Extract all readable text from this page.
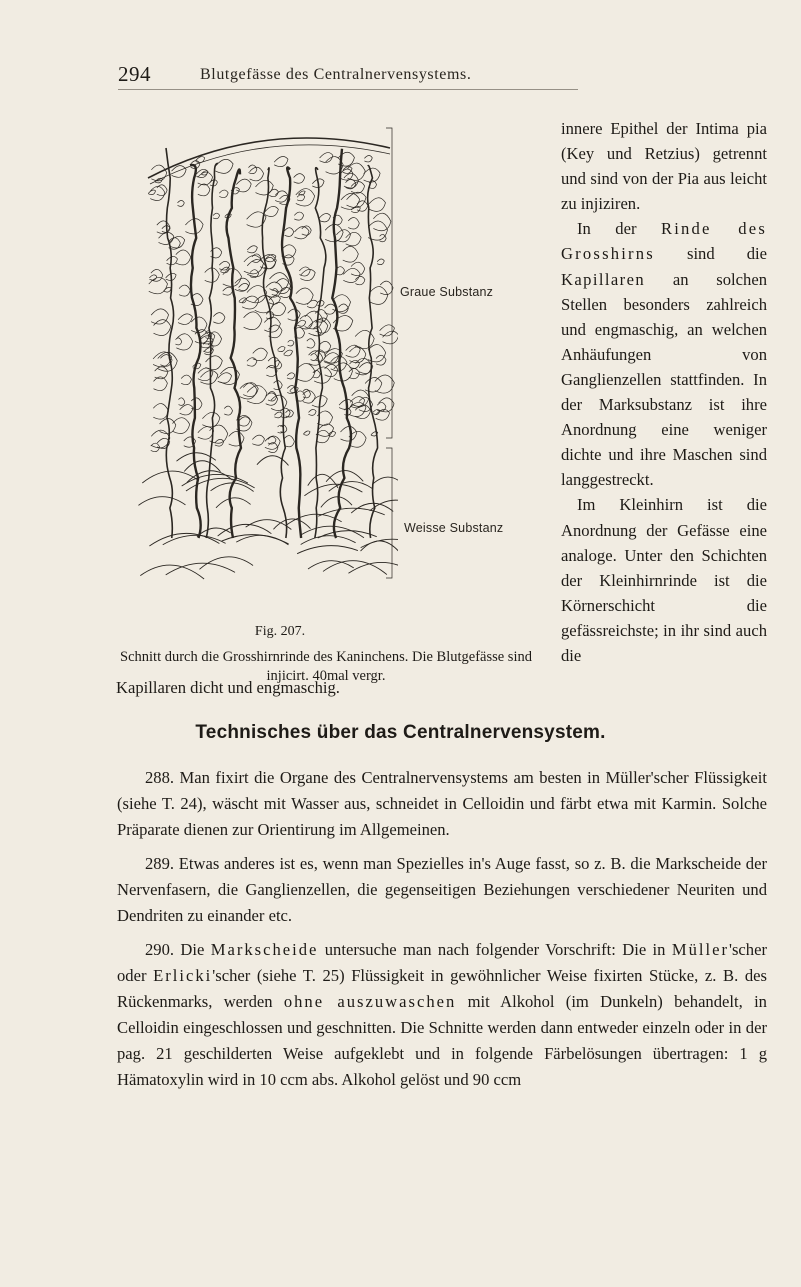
294	Blutgefässe des Centralnervensystems.
Graue Substanz
Weisse Substanz
Fig. 207.
Schnitt durch die Grosshirnrinde des Kaninchens. Die Blutgefässe sind injicirt. 40mal vergr.

innere Epithel der Intima pia (Key und Retzius) getrennt und sind von der Pia aus leicht zu injiziren.

In der Rinde des Grosshirns sind die Kapillaren an solchen Stellen besonders zahlreich und engmaschig, an welchen Anhäufungen von Ganglienzellen stattfinden. In der Marksubstanz ist ihre Anordnung eine weniger dichte und ihre Maschen sind langgestreckt.

Im Kleinhirn ist die Anordnung der Gefässe eine analoge. Unter den Schichten der Kleinhirnrinde ist die Körnerschicht die gefässreichste; in ihr sind auch die

Kapillaren dicht und engmaschig.
Technisches über das Centralnervensystem.

288. Man fixirt die Organe des Centralnervensystems am besten in Müller'scher Flüssigkeit (siehe T. 24), wäscht mit Wasser aus, schneidet in Celloidin und färbt etwa mit Karmin. Solche Präparate dienen zur Orientirung im Allgemeinen.

289. Etwas anderes ist es, wenn man Spezielles in's Auge fasst, so z. B. die Markscheide der Nervenfasern, die Ganglienzellen, die gegenseitigen Beziehungen verschiedener Neuriten und Dendriten zu einander etc.

290. Die Markscheide untersuche man nach folgender Vorschrift: Die in Müller'scher oder Erlicki'scher (siehe T. 25) Flüssigkeit in gewöhnlicher Weise fixirten Stücke, z. B. des Rückenmarks, werden ohne auszuwaschen mit Alkohol (im Dunkeln) behandelt, in Celloidin eingeschlossen und geschnitten. Die Schnitte werden dann entweder einzeln oder in der pag. 21 geschilderten Weise aufgeklebt und in folgende Färbelösungen übertragen: 1 g Hämatoxylin wird in 10 ccm abs. Alkohol gelöst und 90 ccm
